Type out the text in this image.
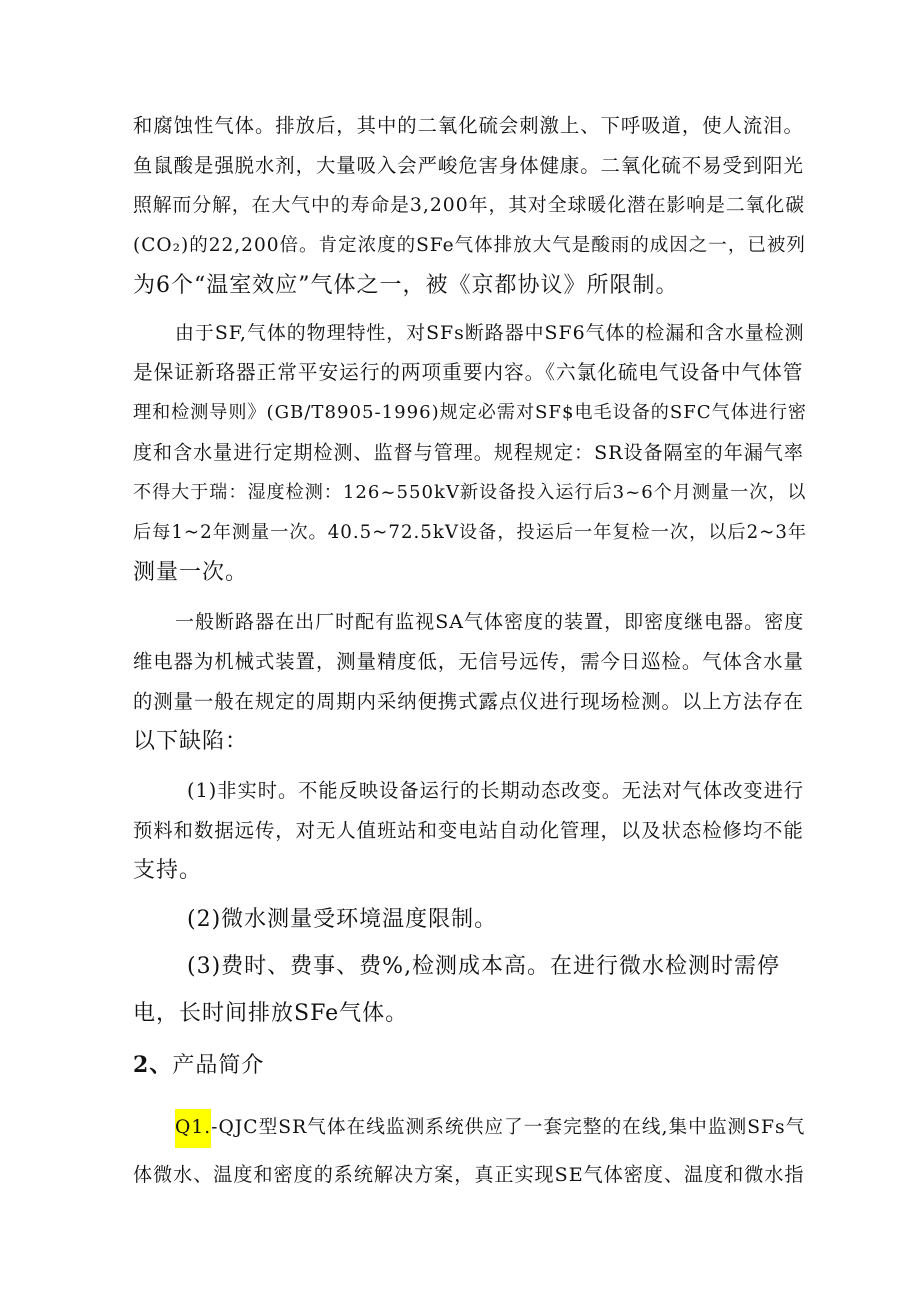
和腐蚀性气体。排放后，其中的二氧化硫会刺激上、下呼吸道，使人流泪。
鱼鼠酸是强脱水剂，大量吸入会严峻危害身体健康。二氧化硫不易受到阳光
照解而分解，在大气中的寿命是3,200年，其对全球暖化潜在影响是二氧化碳
(CO₂)的22,200倍。肯定浓度的SFe气体排放大气是酸雨的成因之一，已被列
为6个“温室效应”气体之一，被《京都协议》所限制。
由于SF,气体的物理特性，对SFs断路器中SF6气体的检漏和含水量检测
是保证新珞器正常平安运行的两项重要内容。《六氯化硫电气设备中气体管
理和检测导则》(GB/T8905-1996)规定必需对SF$电毛设备的SFC气体进行密
度和含水量进行定期检测、监督与管理。规程规定：SR设备隔室的年漏气率
不得大于瑞：湿度检测：126~550kV新设备投入运行后3~6个月测量一次，以
后每1~2年测量一次。40.5~72.5kV设备，投运后一年复检一次，以后2~3年
测量一次。
一般断路器在出厂时配有监视SA气体密度的装置，即密度继电器。密度
维电器为机械式装置，测量精度低，无信号远传，需今日巡检。气体含水量
的测量一般在规定的周期内采纳便携式露点仪进行现场检测。以上方法存在
以下缺陷：
(1)非实时。不能反映设备运行的长期动态改变。无法对气体改变进行
预料和数据远传，对无人值班站和变电站自动化管理，以及状态检修均不能
支持。
(2)微水测量受环境温度限制。
(3)费时、费事、费%,检测成本高。在进行微水检测时需停
电，长时间排放SFe气体。
2、产品简介
Q1.-QJC型SR气体在线监测系统供应了一套完整的在线,集中监测SFs气
体微水、温度和密度的系统解决方案，真正实现SE气体密度、温度和微水指
